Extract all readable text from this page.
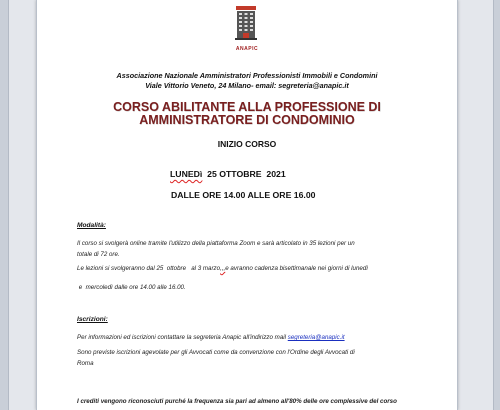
ANAPIC
Associazione Nazionale Amministratori Professionisti Immobili e Condomini
Viale Vittorio Veneto, 24 Milano- email: segreteria@anapic.it
CORSO ABILITANTE ALLA PROFESSIONE DI
AMMINISTRATORE DI CONDOMINIO
INIZIO CORSO
LUNEDì  25 OTTOBRE  2021
DALLE ORE 14.00 ALLE ORE 16.00
Modalità:
Il corso si svolgerà online tramite l'utilizzo della piattaforma Zoom e sarà articolato in 35 lezioni per un
totale di 72 ore.
Le lezioni si svolgeranno dal 25  ottobre   al 3 marzo,,,e avranno cadenza bisettimanale nei giorni di lunedì
e  mercoledì dalle ore 14.00 alle 16.00.
Iscrizioni:
Per informazioni ed iscrizioni contattare la segreteria Anapic all'indirizzo mail segreteria@anapic.it
Sono previste iscrizioni agevolate per gli Avvocati come da convenzione con l'Ordine degli Avvocati di
Roma
I crediti vengono riconosciuti purché la frequenza sia pari ad almeno all'80% delle ore complessive del corso
